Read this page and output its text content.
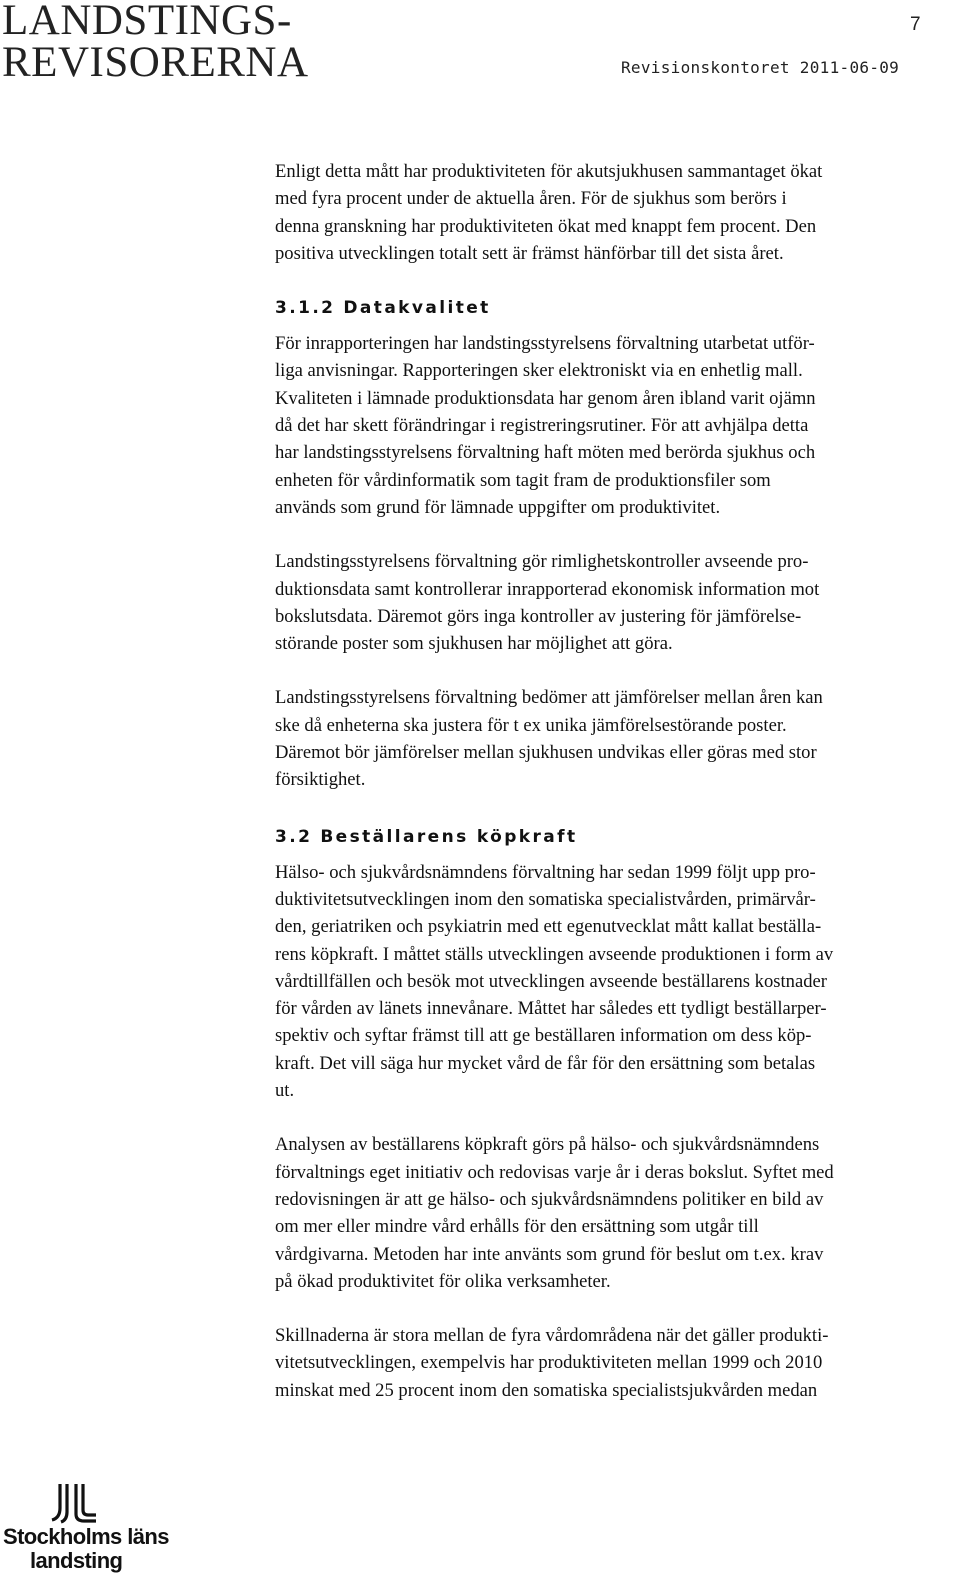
LANDSTINGS-
REVISORERNA
7
Revisionskontoret 2011-06-09

Enligt detta mått har produktiviteten för akutsjukhusen sammantaget ökat
med fyra procent under de aktuella åren. För de sjukhus som berörs i
denna granskning har produktiviteten ökat med knappt fem procent. Den
positiva utvecklingen totalt sett är främst hänförbar till det sista året.

3.1.2 Datakvalitet

För inrapporteringen har landstingsstyrelsens förvaltning utarbetat utför-
liga anvisningar. Rapporteringen sker elektroniskt via en enhetlig mall.
Kvaliteten i lämnade produktionsdata har genom åren ibland varit ojämn
då det har skett förändringar i registreringsrutiner. För att avhjälpa detta
har landstingsstyrelsens förvaltning haft möten med berörda sjukhus och
enheten för vårdinformatik som tagit fram de produktionsfiler som
används som grund för lämnade uppgifter om produktivitet.

Landstingsstyrelsens förvaltning gör rimlighetskontroller avseende pro-
duktionsdata samt kontrollerar inrapporterad ekonomisk information mot
bokslutsdata. Däremot görs inga kontroller av justering för jämförelse-
störande poster som sjukhusen har möjlighet att göra.

Landstingsstyrelsens förvaltning bedömer att jämförelser mellan åren kan
ske då enheterna ska justera för t ex unika jämförelsestörande poster.
Däremot bör jämförelser mellan sjukhusen undvikas eller göras med stor
försiktighet.

3.2 Beställarens köpkraft

Hälso- och sjukvårdsnämndens förvaltning har sedan 1999 följt upp pro-
duktivitetsutvecklingen inom den somatiska specialistvården, primärvår-
den, geriatriken och psykiatrin med ett egenutvecklat mått kallat beställa-
rens köpkraft. I måttet ställs utvecklingen avseende produktionen i form av
vårdtillfällen och besök mot utvecklingen avseende beställarens kostnader
för vården av länets innevånare. Måttet har således ett tydligt beställarper-
spektiv och syftar främst till att ge beställaren information om dess köp-
kraft. Det vill säga hur mycket vård de får för den ersättning som betalas
ut.

Analysen av beställarens köpkraft görs på hälso- och sjukvårdsnämndens
förvaltnings eget initiativ och redovisas varje år i deras bokslut. Syftet med
redovisningen är att ge hälso- och sjukvårdsnämndens politiker en bild av
om mer eller mindre vård erhålls för den ersättning som utgår till
vårdgivarna. Metoden har inte använts som grund för beslut om t.ex. krav
på ökad produktivitet för olika verksamheter.

Skillnaderna är stora mellan de fyra vårdområdena när det gäller produkti-
vitetsutvecklingen, exempelvis har produktiviteten mellan 1999 och 2010
minskat med 25 procent inom den somatiska specialistsjukvården medan

Stockholms läns
landsting
